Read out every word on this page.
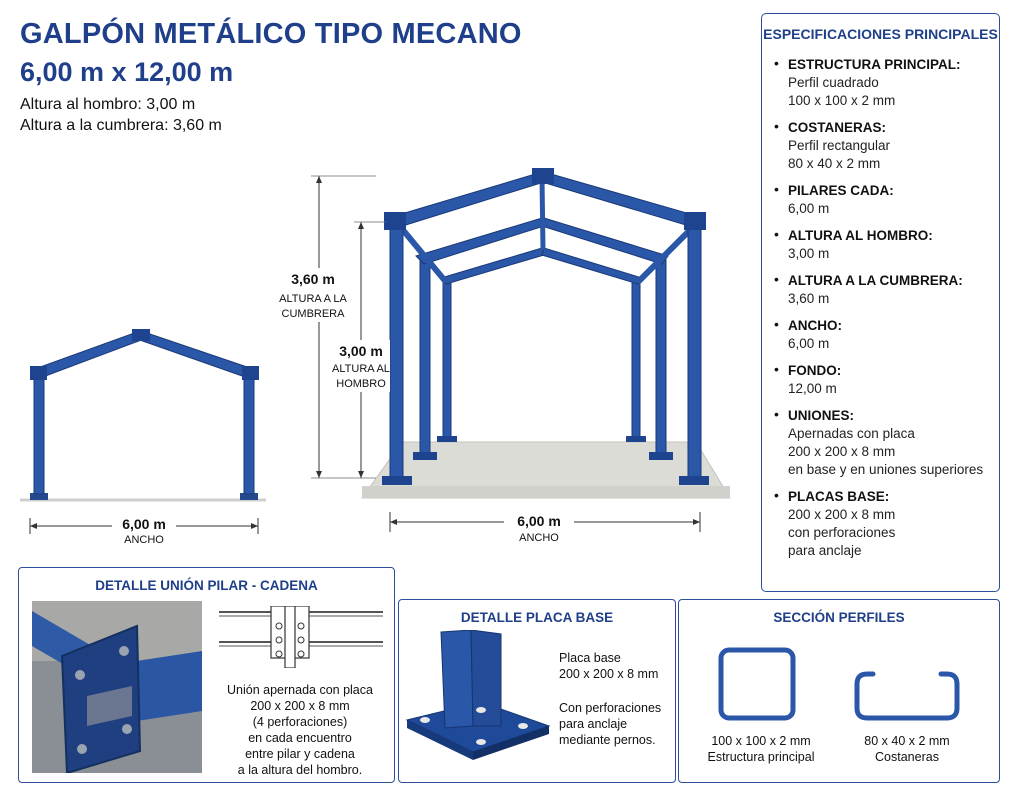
GALPÓN METÁLICO TIPO MECANO
6,00 m x 12,00 m
Altura al hombro: 3,00 m
Altura a la cumbrera: 3,60 m
6,00 m
ANCHO
3,60 m
ALTURA A LA
CUMBRERA
3,00 m
ALTURA AL
HOMBRO
6,00 m
ANCHO
ESPECIFICACIONES PRINCIPALES
• ESTRUCTURA PRINCIPAL:
Perfil cuadrado
100 x 100 x 2 mm
• COSTANERAS:
Perfil rectangular
80 x 40 x 2 mm
• PILARES CADA:
6,00 m
• ALTURA AL HOMBRO:
3,00 m
• ALTURA A LA CUMBRERA:
3,60 m
• ANCHO:
6,00 m
• FONDO:
12,00 m
• UNIONES:
Apernadas con placa
200 x 200 x 8 mm
en base y en uniones superiores
• PLACAS BASE:
200 x 200 x 8 mm
con perforaciones
para anclaje
DETALLE UNIÓN PILAR - CADENA
Unión apernada con placa
200 x 200 x 8 mm
(4 perforaciones)
en cada encuentro
entre pilar y cadena
a la altura del hombro.
DETALLE PLACA BASE
Placa base
200 x 200 x 8 mm
Con perforaciones
para anclaje
mediante pernos.
SECCIÓN PERFILES
100 x 100 x 2 mm
Estructura principal
80 x 40 x 2 mm
Costaneras
